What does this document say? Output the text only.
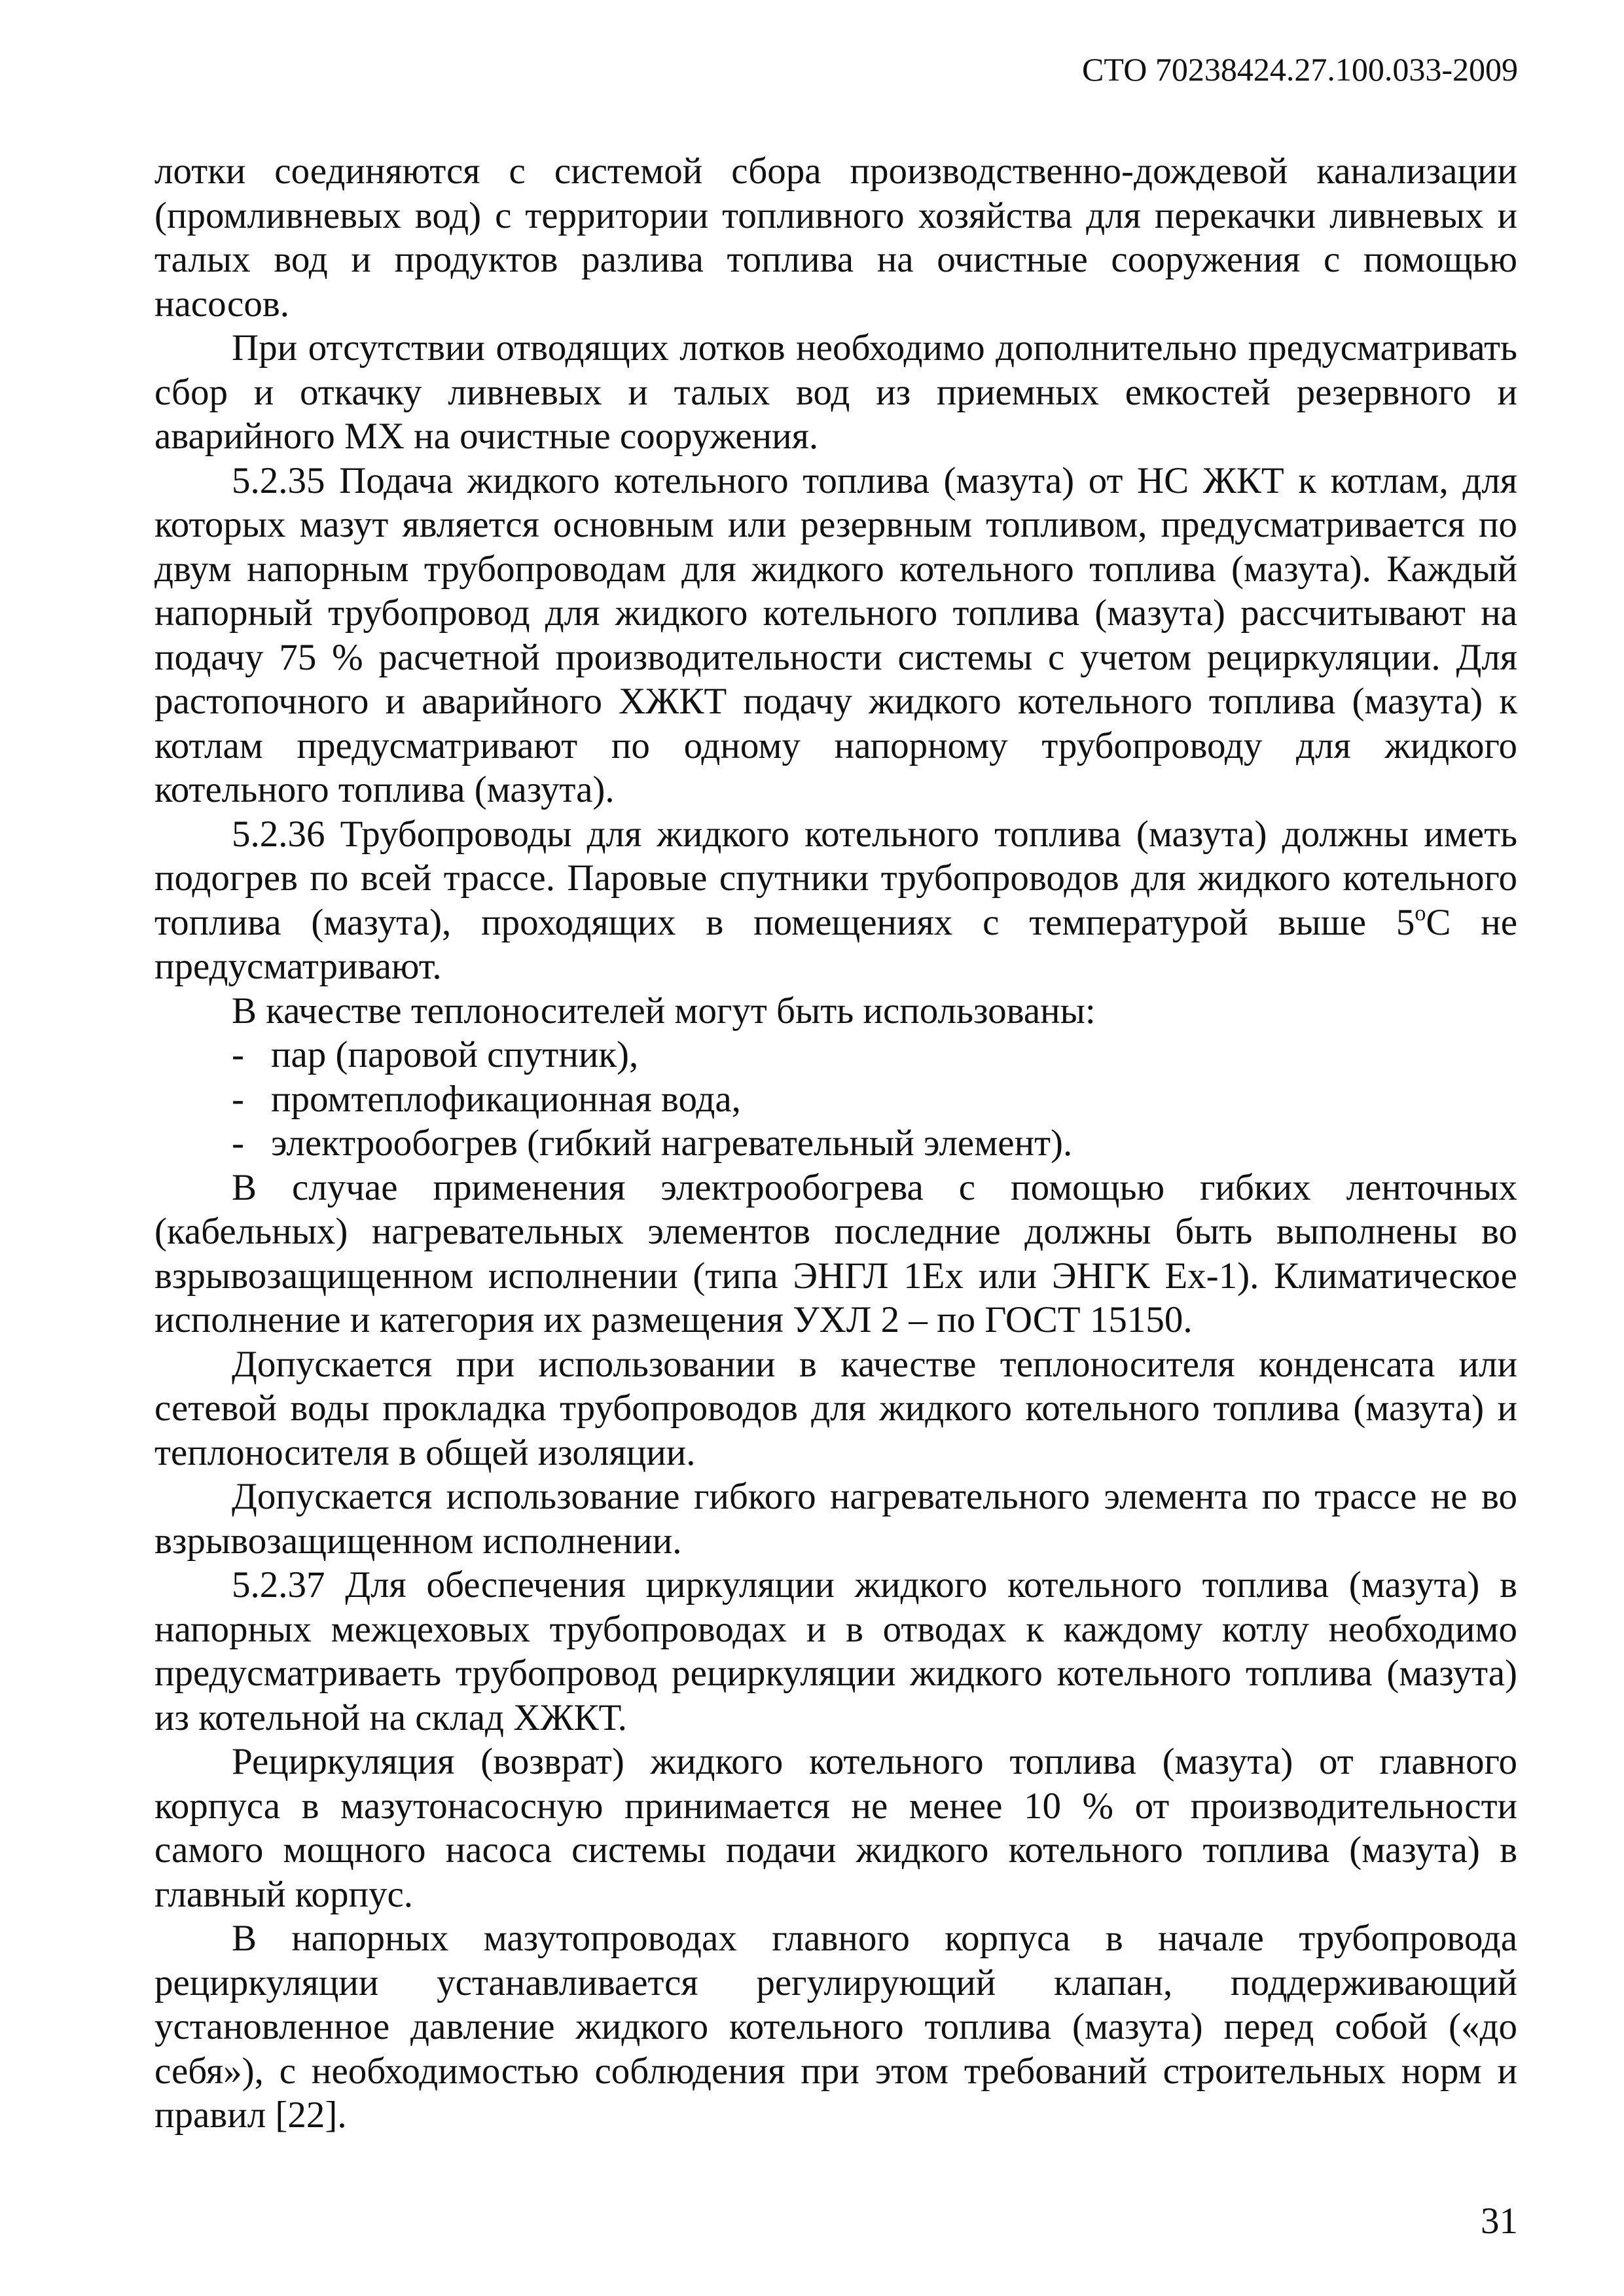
СТО 70238424.27.100.033-2009

лотки соединяются с системой сбора производственно-дождевой канализации (промливневых вод) с территории топливного хозяйства для перекачки ливневых и талых вод и продуктов разлива топлива на очистные сооружения с помощью насосов.

При отсутствии отводящих лотков необходимо дополнительно предусматривать сбор и откачку ливневых и талых вод из приемных емкостей резервного и аварийного МХ на очистные сооружения.

5.2.35 Подача жидкого котельного топлива (мазута) от НС ЖКТ к котлам, для которых мазут является основным или резервным топливом, предусматривается по двум напорным трубопроводам для жидкого котельного топлива (мазута). Каждый напорный трубопровод для жидкого котельного топлива (мазута) рассчитывают на подачу 75 % расчетной производительности системы с учетом рециркуляции. Для растопочного и аварийного ХЖКТ подачу жидкого котельного топлива (мазута) к котлам предусматривают по одному напорному трубопроводу для жидкого котельного топлива (мазута).

5.2.36 Трубопроводы для жидкого котельного топлива (мазута) должны иметь подогрев по всей трассе. Паровые спутники трубопроводов для жидкого котельного топлива (мазута), проходящих в помещениях с температурой выше $5^оС$ не предусматривают.

В качестве теплоносителей могут быть использованы:

- пар (паровой спутник),
- промтеплофикационная вода,
- электрообогрев (гибкий нагревательный элемент).

В случае применения электрообогрева с помощью гибких ленточных (кабельных) нагревательных элементов последние должны быть выполнены во взрывозащищенном исполнении (типа ЭНГЛ 1Ex или ЭНГК Ex-1). Климатическое исполнение и категория их размещения УХЛ 2 – по ГОСТ 15150.

Допускается при использовании в качестве теплоносителя конденсата или сетевой воды прокладка трубопроводов для жидкого котельного топлива (мазута) и теплоносителя в общей изоляции.

Допускается использование гибкого нагревательного элемента по трассе не во взрывозащищенном исполнении.

5.2.37 Для обеспечения циркуляции жидкого котельного топлива (мазута) в напорных межцеховых трубопроводах и в отводах к каждому котлу необходимо предусматриваеть трубопровод рециркуляции жидкого котельного топлива (мазута) из котельной на склад ХЖКТ.

Рециркуляция (возврат) жидкого котельного топлива (мазута) от главного корпуса в мазутонасосную принимается не менее 10 % от производительности самого мощного насоса системы подачи жидкого котельного топлива (мазута) в главный корпус.

В напорных мазутопроводах главного корпуса в начале трубопровода рециркуляции устанавливается регулирующий клапан, поддерживающий установленное давление жидкого котельного топлива (мазута) перед собой («до себя»), с необходимостью соблюдения при этом требований строительных норм и правил [22].

31
